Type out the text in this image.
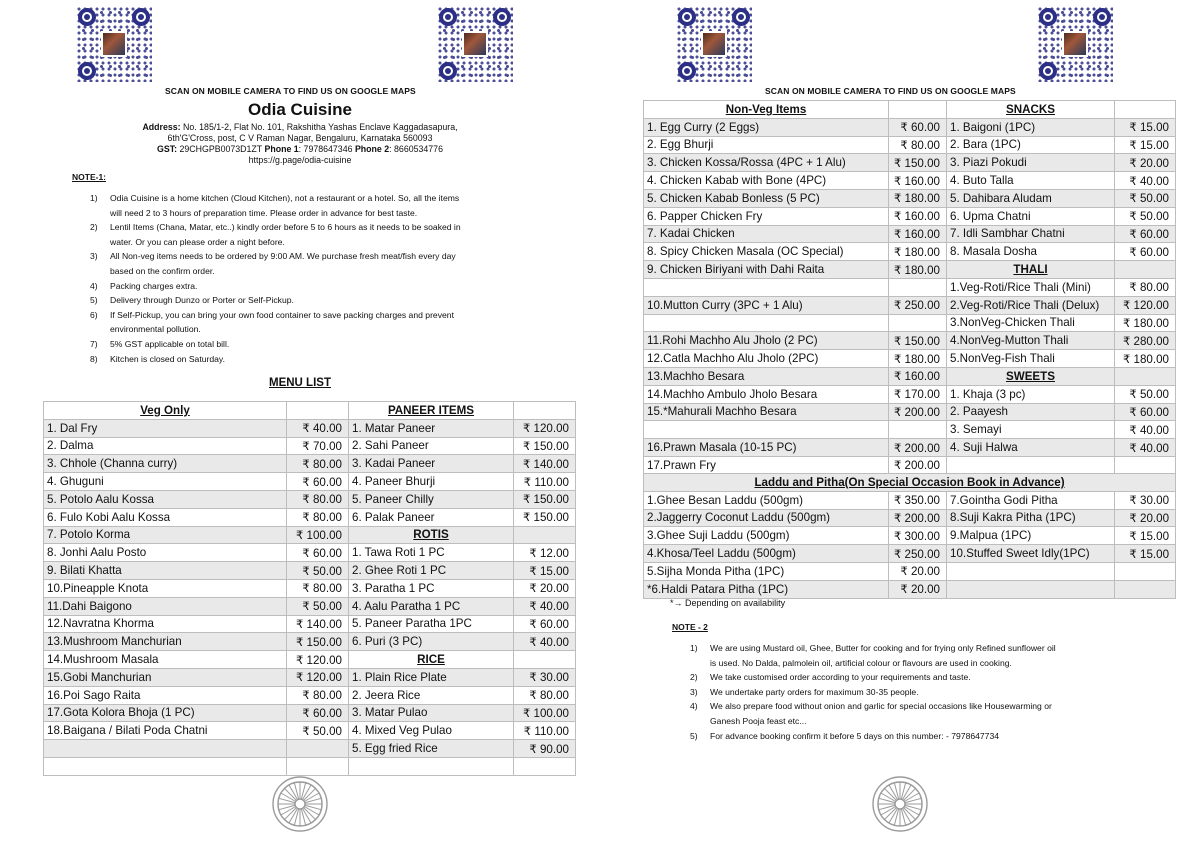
SCAN ON MOBILE CAMERA TO FIND US ON GOOGLE MAPS
Odia Cuisine
Address: No. 185/1-2, Flat No. 101, Rakshitha Yashas Enclave Kaggadasapura,
6th'G'Cross, post, C V Raman Nagar, Bengaluru, Karnataka 560093
GST: 29CHGPB0073D1ZT Phone 1: 7978647346 Phone 2: 8660534776
https://g.page/odia-cuisine
NOTE-1:
1) Odia Cuisine is a home kitchen (Cloud Kitchen), not a restaurant or a hotel. So, all the items
will need 2 to 3 hours of preparation time. Please order in advance for best taste.
2) Lentil Items (Chana, Matar, etc..) kindly order before 5 to 6 hours as it needs to be soaked in
water. Or you can please order a night before.
3) All Non-veg items needs to be ordered by 9:00 AM. We purchase fresh meat/fish every day
based on the confirm order.
4) Packing charges extra.
5) Delivery through Dunzo or Porter or Self-Pickup.
6) If Self-Pickup, you can bring your own food container to save packing charges and prevent
environmental pollution.
7) 5% GST applicable on total bill.
8) Kitchen is closed on Saturday.
MENU LIST
Veg Only		PANEER ITEMS	
1. Dal Fry	₹ 40.00	1. Matar Paneer	₹ 120.00
2. Dalma	₹ 70.00	2. Sahi Paneer	₹ 150.00
3. Chhole (Channa curry)	₹ 80.00	3. Kadai Paneer	₹ 140.00
4. Ghuguni	₹ 60.00	4. Paneer Bhurji	₹ 110.00
5. Potolo Aalu Kossa	₹ 80.00	5. Paneer Chilly	₹ 150.00
6. Fulo Kobi Aalu Kossa	₹ 80.00	6. Palak Paneer	₹ 150.00
7. Potolo Korma	₹ 100.00	ROTIS	
8. Jonhi Aalu Posto	₹ 60.00	1. Tawa Roti 1 PC	₹ 12.00
9. Bilati Khatta	₹ 50.00	2. Ghee Roti 1 PC	₹ 15.00
10.Pineapple Knota	₹ 80.00	3. Paratha 1 PC	₹ 20.00
11.Dahi Baigono	₹ 50.00	4. Aalu Paratha 1 PC	₹ 40.00
12.Navratna Khorma	₹ 140.00	5. Paneer Paratha 1PC	₹ 60.00
13.Mushroom Manchurian	₹ 150.00	6. Puri (3 PC)	₹ 40.00
14.Mushroom Masala	₹ 120.00	RICE	
15.Gobi Manchurian	₹ 120.00	1. Plain Rice Plate	₹ 30.00
16.Poi Sago Raita	₹ 80.00	2. Jeera Rice	₹ 80.00
17.Gota Kolora Bhoja (1 PC)	₹ 60.00	3. Matar Pulao	₹ 100.00
18.Baigana / Bilati Poda Chatni	₹ 50.00	4. Mixed Veg Pulao	₹ 110.00
		5. Egg fried Rice	₹ 90.00

SCAN ON MOBILE CAMERA TO FIND US ON GOOGLE MAPS
Non-Veg Items		SNACKS	
1. Egg Curry (2 Eggs)	₹ 60.00	1. Baigoni (1PC)	₹ 15.00
2. Egg Bhurji	₹ 80.00	2. Bara (1PC)	₹ 15.00
3. Chicken Kossa/Rossa (4PC + 1 Alu)	₹ 150.00	3. Piazi Pokudi	₹ 20.00
4. Chicken Kabab with Bone (4PC)	₹ 160.00	4. Buto Talla	₹ 40.00
5. Chicken Kabab Bonless (5 PC)	₹ 180.00	5. Dahibara Aludam	₹ 50.00
6. Papper Chicken Fry	₹ 160.00	6. Upma Chatni	₹ 50.00
7. Kadai Chicken	₹ 160.00	7. Idli Sambhar Chatni	₹ 60.00
8. Spicy Chicken Masala (OC Special)	₹ 180.00	8. Masala Dosha	₹ 60.00
9. Chicken Biriyani with Dahi Raita	₹ 180.00	THALI	
		1.Veg-Roti/Rice Thali (Mini)	₹ 80.00
10.Mutton Curry (3PC + 1 Alu)	₹ 250.00	2.Veg-Roti/Rice Thali (Delux)	₹ 120.00
		3.NonVeg-Chicken Thali	₹ 180.00
11.Rohi Machho Alu Jholo (2 PC)	₹ 150.00	4.NonVeg-Mutton Thali	₹ 280.00
12.Catla Machho Alu Jholo (2PC)	₹ 180.00	5.NonVeg-Fish Thali	₹ 180.00
13.Machho Besara	₹ 160.00	SWEETS	
14.Machho Ambulo Jholo Besara	₹ 170.00	1. Khaja (3 pc)	₹ 50.00
15.*Mahurali Machho Besara	₹ 200.00	2. Paayesh	₹ 60.00
		3. Semayi	₹ 40.00
16.Prawn Masala (10-15 PC)	₹ 200.00	4. Suji Halwa	₹ 40.00
17.Prawn Fry	₹ 200.00		
Laddu and Pitha(On Special Occasion Book in Advance)			
1.Ghee Besan Laddu (500gm)	₹ 350.00	7.Gointha Godi Pitha	₹ 30.00
2.Jaggerry Coconut Laddu (500gm)	₹ 200.00	8.Suji Kakra Pitha (1PC)	₹ 20.00
3.Ghee Suji Laddu (500gm)	₹ 300.00	9.Malpua (1PC)	₹ 15.00
4.Khosa/Teel Laddu (500gm)	₹ 250.00	10.Stuffed Sweet Idly(1PC)	₹ 15.00
5.Sijha Monda Pitha (1PC)	₹ 20.00		
*6.Haldi Patara Pitha (1PC)	₹ 20.00		
*→ Depending on availability
NOTE - 2
1) We are using Mustard oil, Ghee, Butter for cooking and for frying only Refined sunflower oil
is used. No Dalda, palmolein oil, artificial colour or flavours are used in cooking.
2) We take customised order according to your requirements and taste.
3) We undertake party orders for maximum 30-35 people.
4) We also prepare food without onion and garlic for special occasions like Housewarming or
Ganesh Pooja feast etc...
5) For advance booking confirm it before 5 days on this number: - 7978647734
